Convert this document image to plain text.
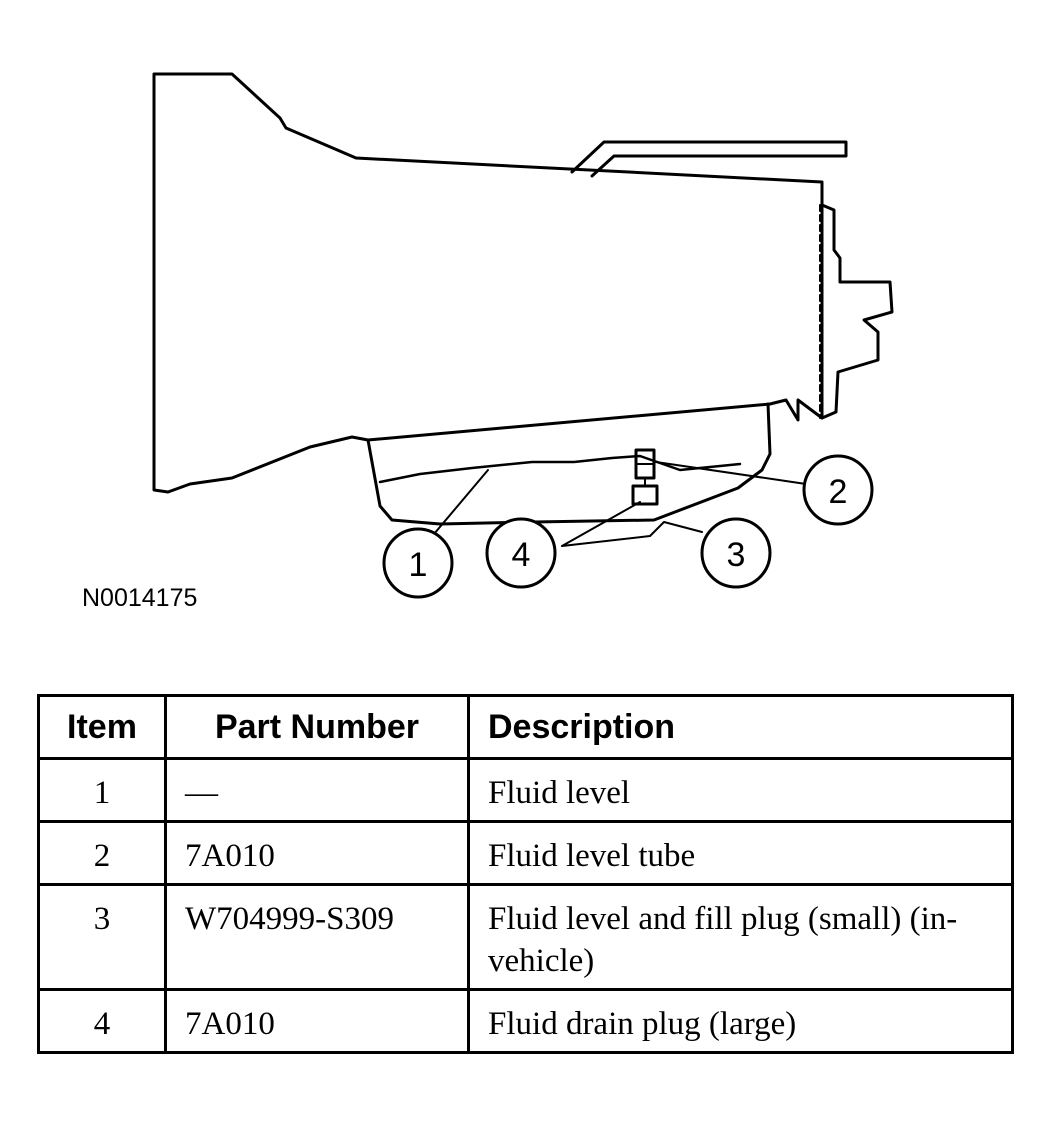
1
2
3
4
N0014175
Item	Part Number	Description
1	—	Fluid level
2	7A010	Fluid level tube
3	W704999-S309	Fluid level and fill plug (small) (in-vehicle)
4	7A010	Fluid drain plug (large)
